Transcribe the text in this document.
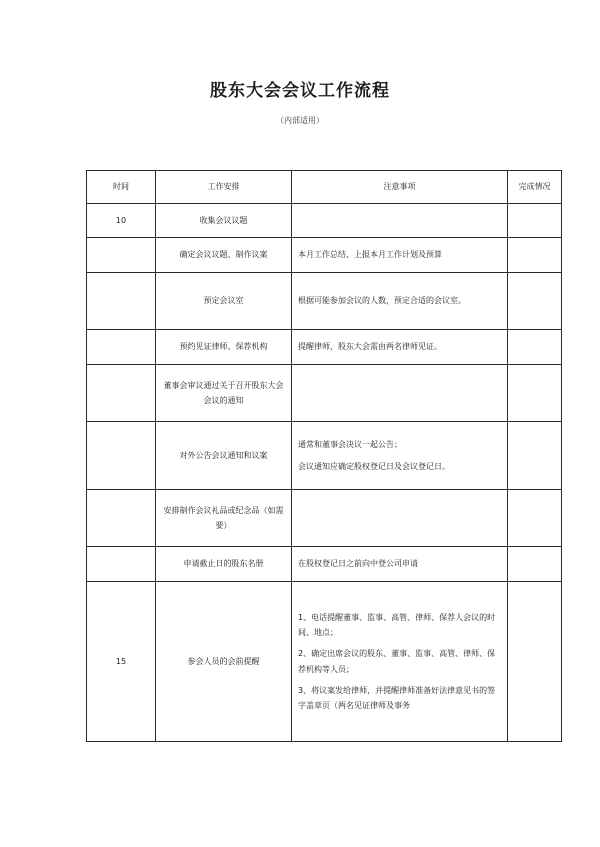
股东大会会议工作流程
（内部适用）
时间	工作安排	注意事项	完成情况
10	收集会议议题		
	确定会议议题、制作议案	本月工作总结、上报本月工作计划及预算	

	预定会议室	根据可能参加会议的人数，预定合适的会议室。	

	预约见证律师、保荐机构	提醒律师，股东大会需由两名律师见证。	

	董事会审议通过关于召开股东大会会议的通知		
	对外公告会议通知和议案	通常和董事会决议一起公告；
会议通知应确定股权登记日及会议登记日。	

	安排制作会议礼品或纪念品（如需要）		
	申请截止日的股东名册	在股权登记日之前向中登公司申请	

15	参会人员的会前提醒	1、电话提醒董事、监事、高管、律师、保荐人会议的时间、地点；
2、确定出席会议的股东、董事、监事、高管、律师、保荐机构等人员；
3、将议案发给律师，并提醒律师准备好法律意见书的签字盖章页（两名见证律师及事务	
